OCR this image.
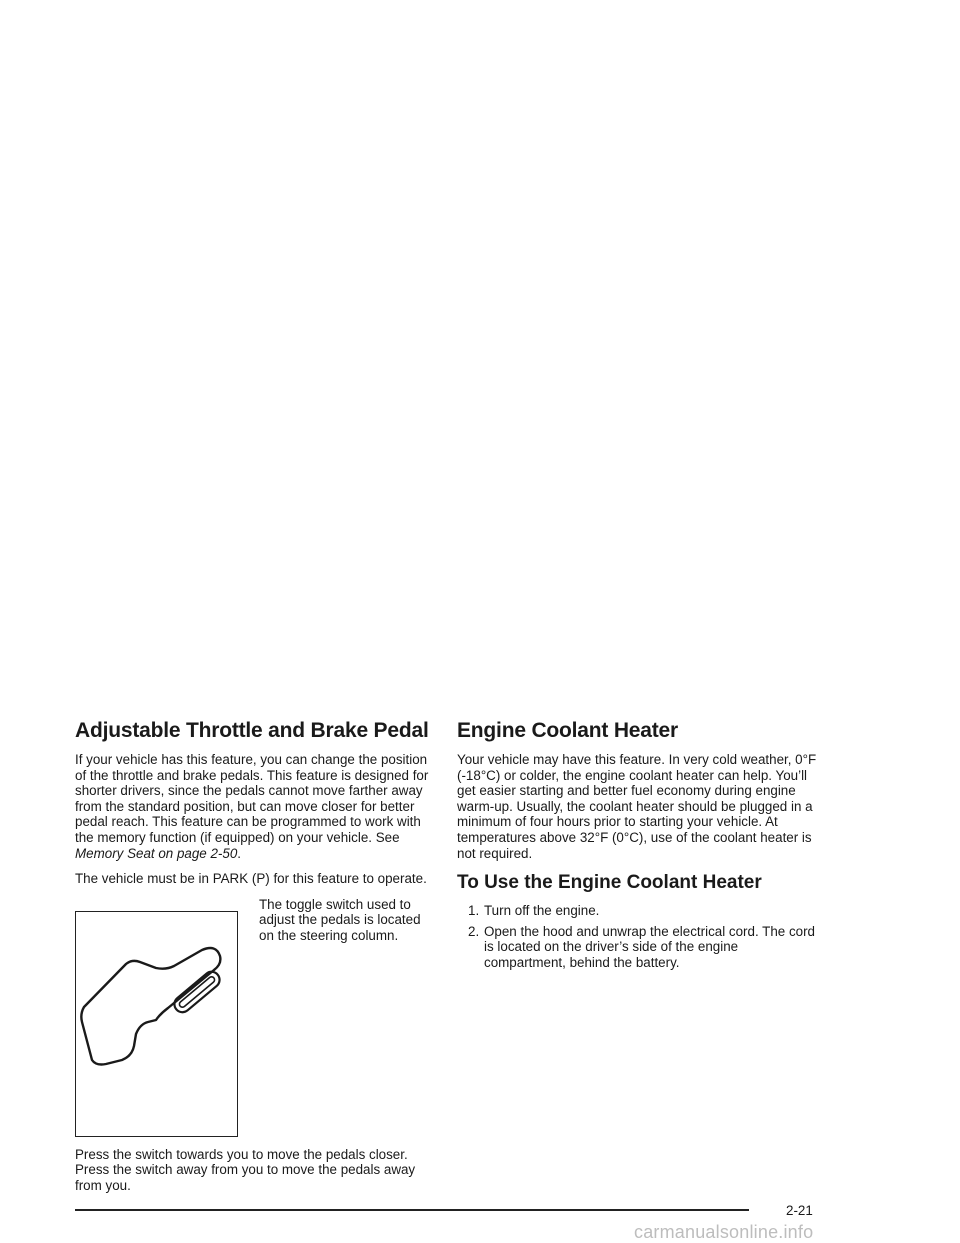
Adjustable Throttle and Brake Pedal

If your vehicle has this feature, you can change the position of the throttle and brake pedals. This feature is designed for shorter drivers, since the pedals cannot move farther away from the standard position, but can move closer for better pedal reach. This feature can be programmed to work with the memory function (if equipped) on your vehicle. See Memory Seat on page 2-50.

The vehicle must be in PARK (P) for this feature to operate.

The toggle switch used to adjust the pedals is located on the steering column.

Press the switch towards you to move the pedals closer. Press the switch away from you to move the pedals away from you.

Engine Coolant Heater

Your vehicle may have this feature. In very cold weather, 0°F (-18°C) or colder, the engine coolant heater can help. You’ll get easier starting and better fuel economy during engine warm-up. Usually, the coolant heater should be plugged in a minimum of four hours prior to starting your vehicle. At temperatures above 32°F (0°C), use of the coolant heater is not required.

To Use the Engine Coolant Heater
1. Turn off the engine.
2. Open the hood and unwrap the electrical cord. The cord is located on the driver’s side of the engine compartment, behind the battery.
2-21
carmanualsonline.info
